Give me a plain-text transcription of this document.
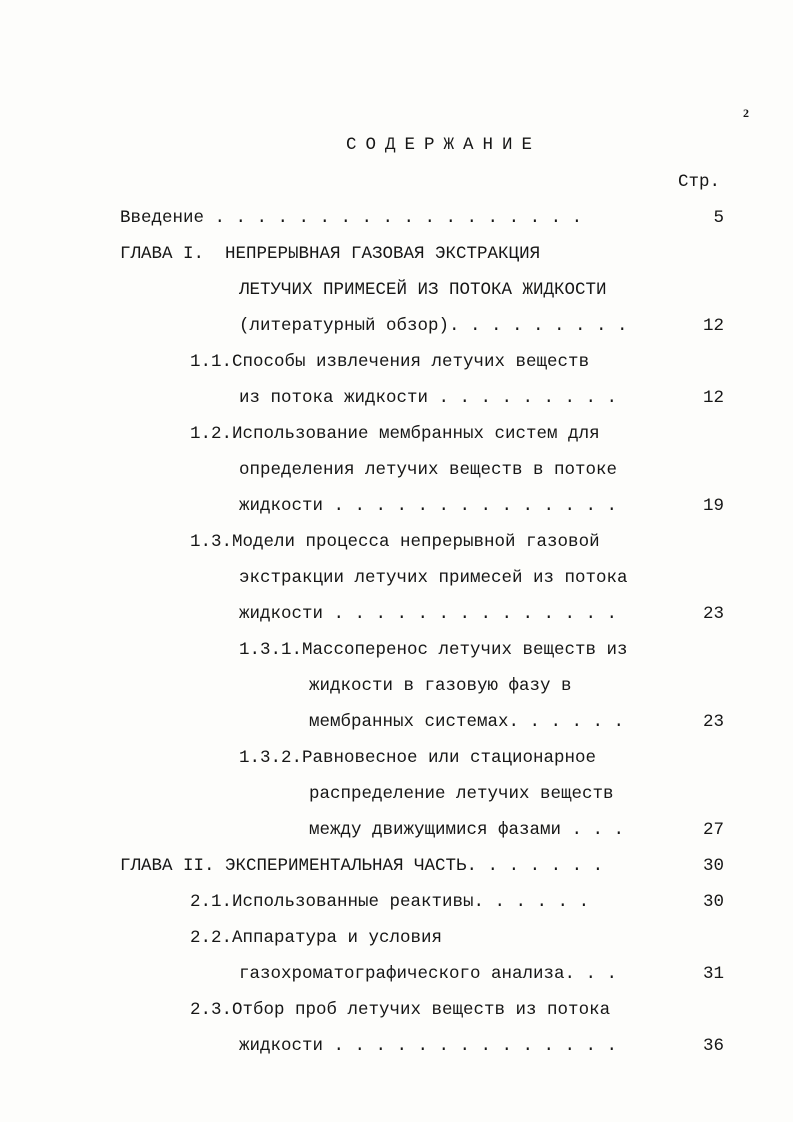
2
СОДЕРЖАНИЕ
Стр.
Введение . . . . . . . . . . . . . . . . . .	5
ГЛАВА I.  НЕПРЕРЫВНАЯ ГАЗОВАЯ ЭКСТРАКЦИЯ
ЛЕТУЧИХ ПРИМЕСЕЙ ИЗ ПОТОКА ЖИДКОСТИ
(литературный обзор). . . . . . . . .	12
1.1.Способы извлечения летучих веществ
из потока жидкости . . . . . . . . .	12
1.2.Использование мембранных систем для
определения летучих веществ в потоке
жидкости . . . . . . . . . . . . . .	19
1.3.Модели процесса непрерывной газовой
экстракции летучих примесей из потока
жидкости . . . . . . . . . . . . . .	23
1.3.1.Массоперенос летучих веществ из
жидкости в газовую фазу в
мембранных системах. . . . . .	23
1.3.2.Равновесное или стационарное
распределение летучих веществ
между движущимися фазами . . .	27
ГЛАВА II. ЭКСПЕРИМЕНТАЛЬНАЯ ЧАСТЬ. . . . . . .	30
2.1.Использованные реактивы. . . . . .	30
2.2.Аппаратура и условия
газохроматографического анализа. . .	31
2.3.Отбор проб летучих веществ из потока
жидкости . . . . . . . . . . . . . .	36
